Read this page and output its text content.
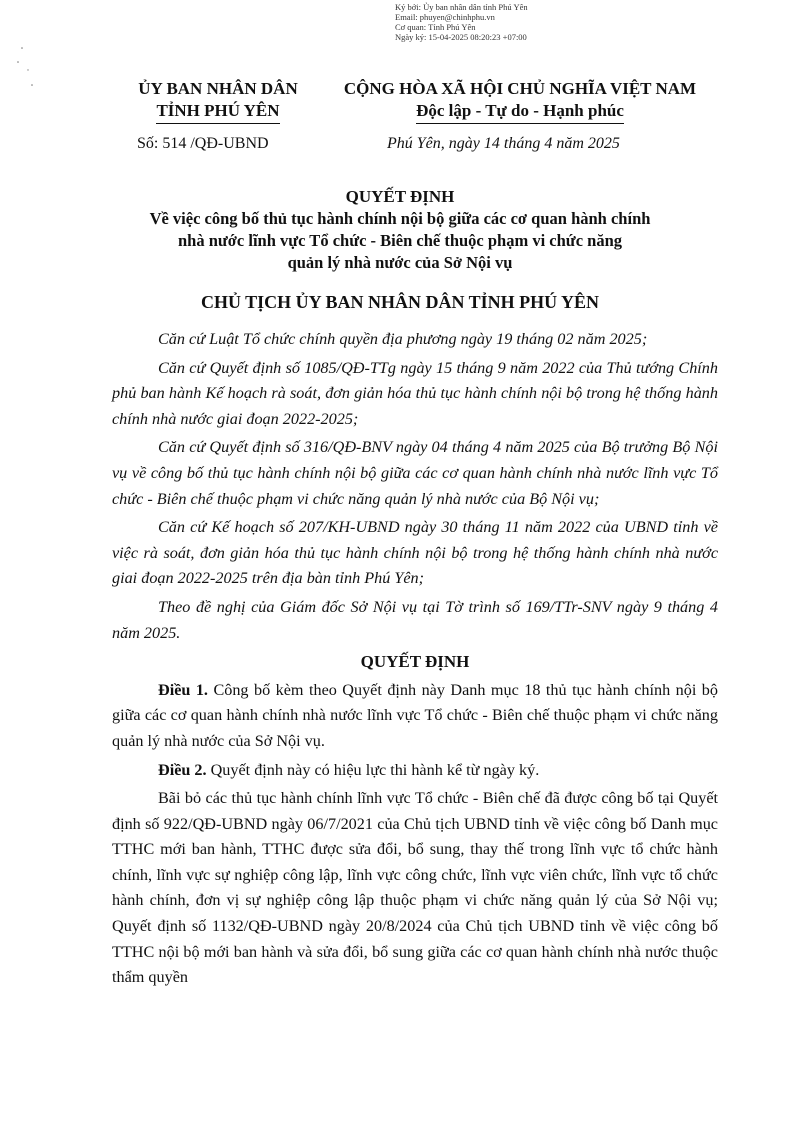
Ký bởi: Ủy ban nhân dân tỉnh Phú Yên
Email: phuyen@chinhphu.vn
Cơ quan: Tỉnh Phú Yên
Ngày ký: 15-04-2025 08:20:23 +07:00
ỦY BAN NHÂN DÂN
TỈNH PHÚ YÊN
CỘNG HÒA XÃ HỘI CHỦ NGHĨA VIỆT NAM
Độc lập - Tự do - Hạnh phúc
Số: 514 /QĐ-UBND	Phú Yên, ngày 14 tháng 4 năm 2025
QUYẾT ĐỊNH
Về việc công bố thủ tục hành chính nội bộ giữa các cơ quan hành chính
nhà nước lĩnh vực Tổ chức - Biên chế thuộc phạm vi chức năng
quản lý nhà nước của Sở Nội vụ
CHỦ TỊCH ỦY BAN NHÂN DÂN TỈNH PHÚ YÊN

Căn cứ Luật Tổ chức chính quyền địa phương ngày 19 tháng 02 năm 2025;

Căn cứ Quyết định số 1085/QĐ-TTg ngày 15 tháng 9 năm 2022 của Thủ tướng Chính phủ ban hành Kế hoạch rà soát, đơn giản hóa thủ tục hành chính nội bộ trong hệ thống hành chính nhà nước giai đoạn 2022-2025;

Căn cứ Quyết định số 316/QĐ-BNV ngày 04 tháng 4 năm 2025 của Bộ trưởng Bộ Nội vụ về công bố thủ tục hành chính nội bộ giữa các cơ quan hành chính nhà nước lĩnh vực Tổ chức - Biên chế thuộc phạm vi chức năng quản lý nhà nước của Bộ Nội vụ;

Căn cứ Kế hoạch số 207/KH-UBND ngày 30 tháng 11 năm 2022 của UBND tỉnh về việc rà soát, đơn giản hóa thủ tục hành chính nội bộ trong hệ thống hành chính nhà nước giai đoạn 2022-2025 trên địa bàn tỉnh Phú Yên;

Theo đề nghị của Giám đốc Sở Nội vụ tại Tờ trình số 169/TTr-SNV ngày 9 tháng 4 năm 2025.

QUYẾT ĐỊNH

Điều 1. Công bố kèm theo Quyết định này Danh mục 18 thủ tục hành chính nội bộ giữa các cơ quan hành chính nhà nước lĩnh vực Tổ chức - Biên chế thuộc phạm vi chức năng quản lý nhà nước của Sở Nội vụ.

Điều 2. Quyết định này có hiệu lực thi hành kể từ ngày ký.

Bãi bỏ các thủ tục hành chính lĩnh vực Tổ chức - Biên chế đã được công bố tại Quyết định số 922/QĐ-UBND ngày 06/7/2021 của Chủ tịch UBND tỉnh về việc công bố Danh mục TTHC mới ban hành, TTHC được sửa đổi, bổ sung, thay thế trong lĩnh vực tổ chức hành chính, lĩnh vực sự nghiệp công lập, lĩnh vực công chức, lĩnh vực viên chức, lĩnh vực tổ chức hành chính, đơn vị sự nghiệp công lập thuộc phạm vi chức năng quản lý của Sở Nội vụ; Quyết định số 1132/QĐ-UBND ngày 20/8/2024 của Chủ tịch UBND tỉnh về việc công bố TTHC nội bộ mới ban hành và sửa đổi, bổ sung giữa các cơ quan hành chính nhà nước thuộc thẩm quyền
